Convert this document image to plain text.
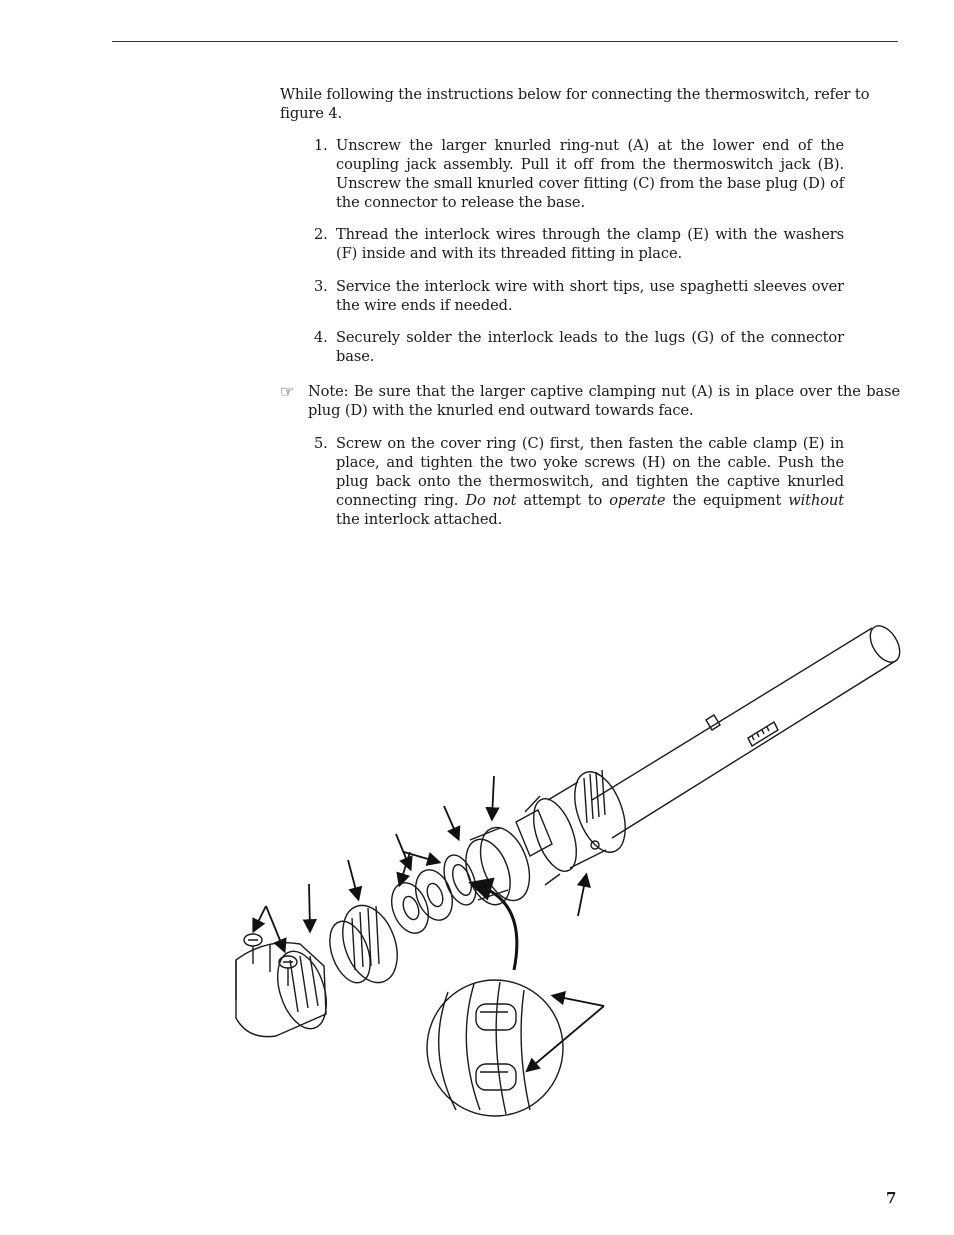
While following the instructions below for connecting the thermoswitch, refer to figure 4.

1. Unscrew the larger knurled ring-nut (A) at the lower end of the coupling jack assembly. Pull it off from the thermoswitch jack (B). Unscrew the small knurled cover fitting (C) from the base plug (D) of the connector to release the base.
2. Thread the interlock wires through the clamp (E) with the washers (F) inside and with its threaded fitting in place.
3. Service the interlock wire with short tips, use spaghetti sleeves over the wire ends if needed.
4. Securely solder the interlock leads to the lugs (G) of the connector base.
☞ Note: Be sure that the larger captive clamping nut (A) is in place over the base plug (D) with the knurled end outward towards face.
5. Screw on the cover ring (C) first, then fasten the cable clamp (E) in place, and tighten the two yoke screws (H) on the cable. Push the plug back onto the thermoswitch, and tighten the captive knurled connecting ring. Do not attempt to operate the equipment without the interlock attached.
7
